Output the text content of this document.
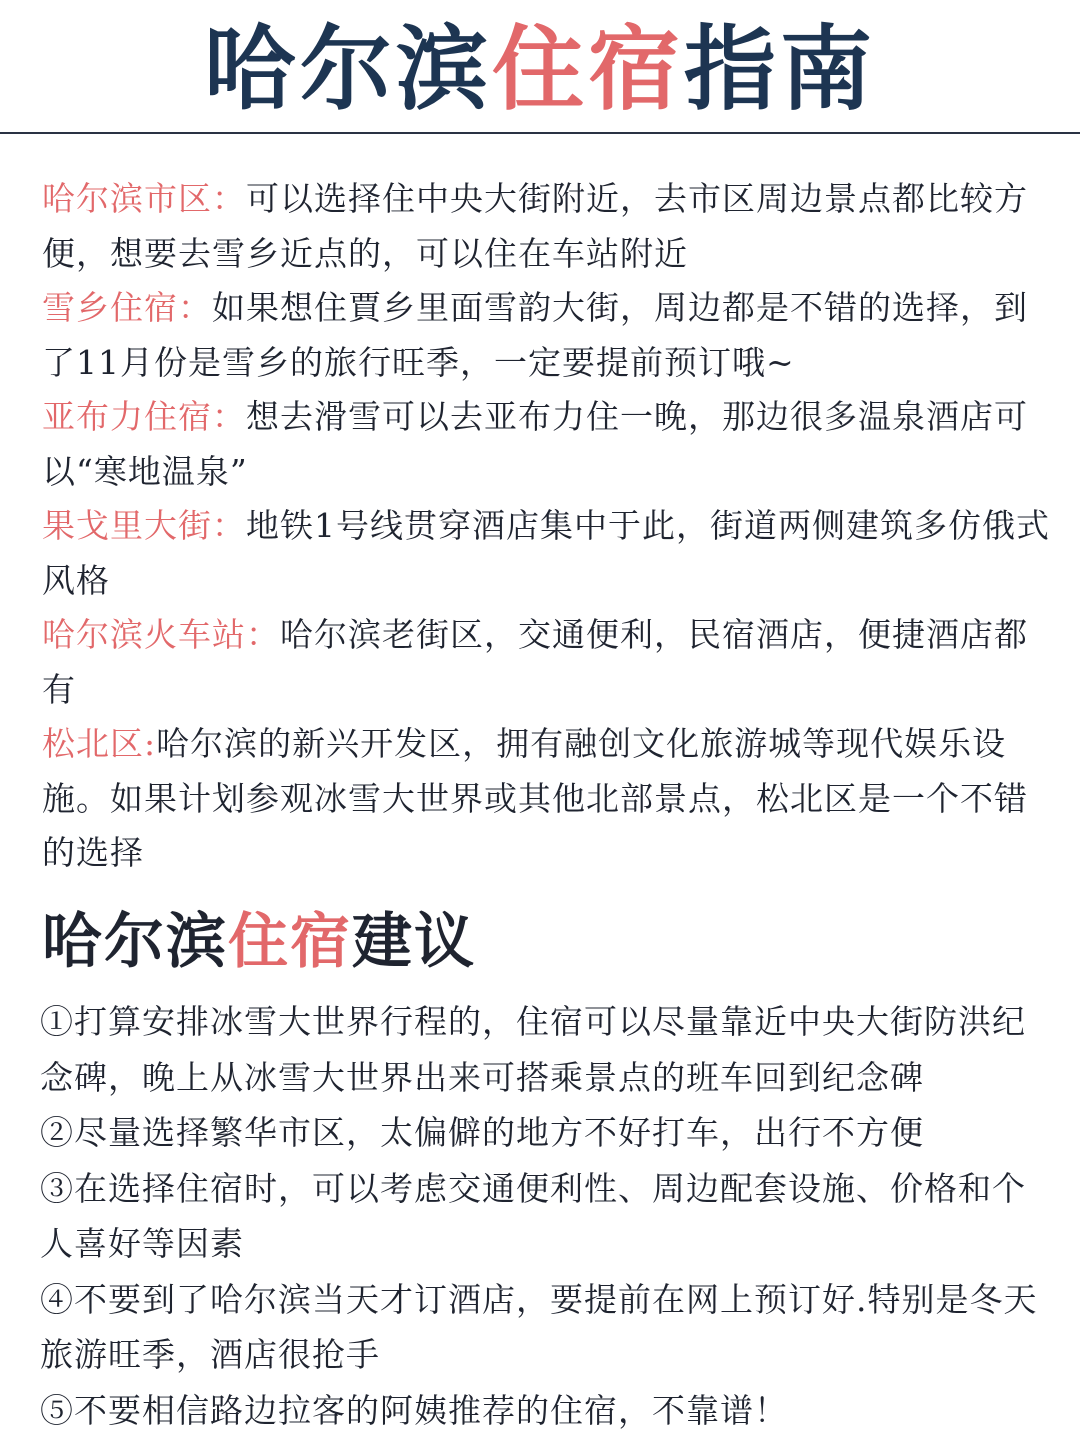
哈尔滨住宿指南

哈尔滨市区：可以选择住中央大街附近，去市区周边景点都比较方便，想要去雪乡近点的，可以住在车站附近

雪乡住宿：如果想住賈乡里面雪韵大街，周边都是不错的选择，到了11月份是雪乡的旅行旺季，一定要提前预订哦~

亚布力住宿：想去滑雪可以去亚布力住一晚，那边很多温泉酒店可以“寒地温泉”

果戈里大街：地铁1号线贯穿酒店集中于此，街道两侧建筑多仿俄式风格

哈尔滨火车站：哈尔滨老街区，交通便利，民宿酒店，便捷酒店都有

松北区:哈尔滨的新兴开发区，拥有融创文化旅游城等现代娱乐设施。如果计划参观冰雪大世界或其他北部景点，松北区是一个不错的选择

哈尔滨住宿建议

①打算安排冰雪大世界行程的，住宿可以尽量靠近中央大街防洪纪念碑，晚上从冰雪大世界出来可搭乘景点的班车回到纪念碑

②尽量选择繁华市区，太偏僻的地方不好打车，出行不方便

③在选择住宿时，可以考虑交通便利性、周边配套设施、价格和个人喜好等因素

④不要到了哈尔滨当天才订酒店，要提前在网上预订好.特别是冬天旅游旺季，酒店很抢手

⑤不要相信路边拉客的阿姨推荐的住宿，不靠谱！
